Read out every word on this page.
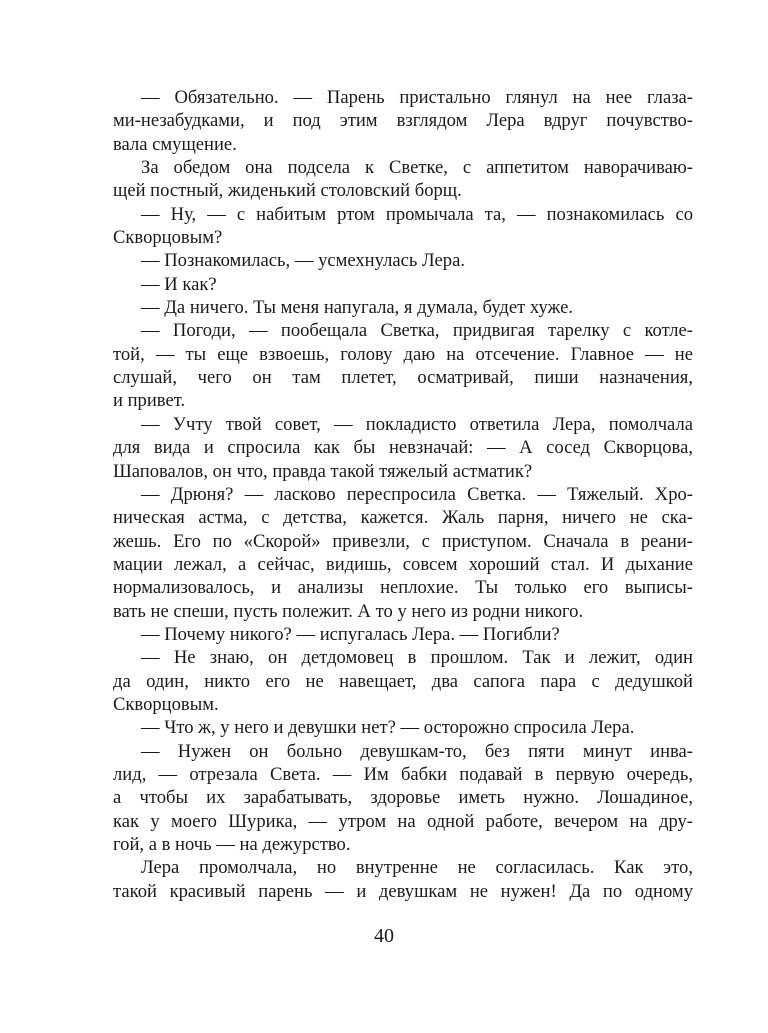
— Обязательно. — Парень пристально глянул на нее глаза-
ми-незабудками, и под этим взглядом Лера вдруг почувство-
вала смущение.
За обедом она подсела к Светке, с аппетитом наворачиваю-
щей постный, жиденький столовский борщ.
— Ну, — с набитым ртом промычала та, — познакомилась со
Скворцовым?
— Познакомилась, — усмехнулась Лера.
— И как?
— Да ничего. Ты меня напугала, я думала, будет хуже.
— Погоди, — пообещала Светка, придвигая тарелку с котле-
той, — ты еще взвоешь, голову даю на отсечение. Главное — не
слушай, чего он там плетет, осматривай, пиши назначения,
и привет.
— Учту твой совет, — покладисто ответила Лера, помолчала
для вида и спросила как бы невзначай: — А сосед Скворцова,
Шаповалов, он что, правда такой тяжелый астматик?
— Дрюня? — ласково переспросила Светка. — Тяжелый. Хро-
ническая астма, с детства, кажется. Жаль парня, ничего не ска-
жешь. Его по «Скорой» привезли, с приступом. Сначала в реани-
мации лежал, а сейчас, видишь, совсем хороший стал. И дыхание
нормализовалось, и анализы неплохие. Ты только его выписы-
вать не спеши, пусть полежит. А то у него из родни никого.
— Почему никого? — испугалась Лера. — Погибли?
— Не знаю, он детдомовец в прошлом. Так и лежит, один
да один, никто его не навещает, два сапога пара с дедушкой
Скворцовым.
— Что ж, у него и девушки нет? — осторожно спросила Лера.
— Нужен он больно девушкам-то, без пяти минут инва-
лид, — отрезала Света. — Им бабки подавай в первую очередь,
а чтобы их зарабатывать, здоровье иметь нужно. Лошадиное,
как у моего Шурика, — утром на одной работе, вечером на дру-
гой, а в ночь — на дежурство.
Лера промолчала, но внутренне не согласилась. Как это,
такой красивый парень — и девушкам не нужен! Да по одному
40
